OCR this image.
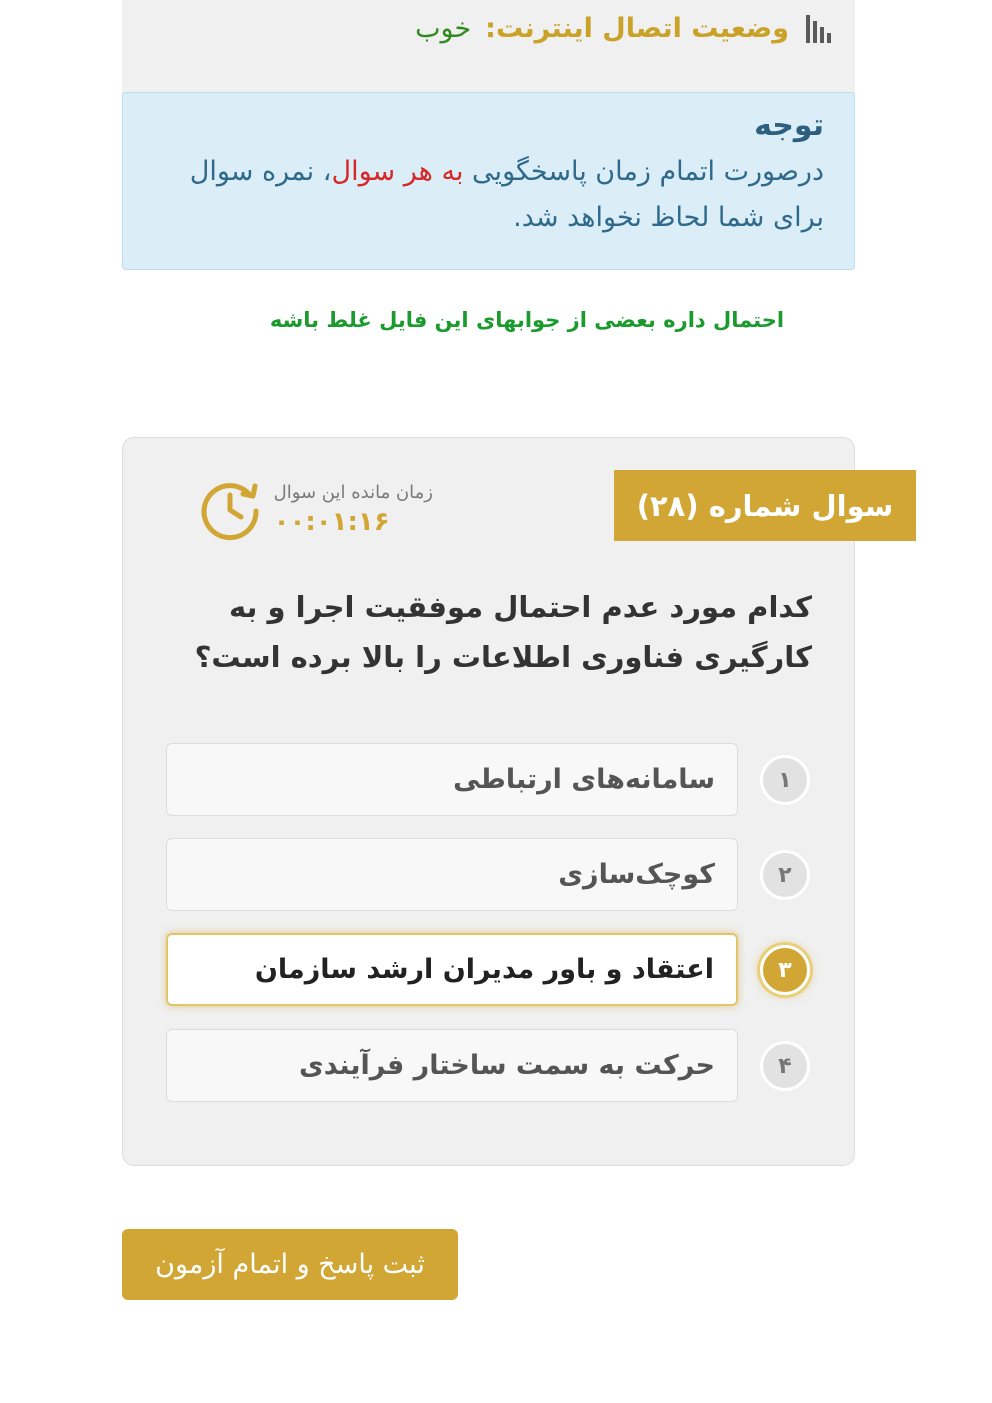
وضعیت اتصال اینترنت:
خوب
توجه
درصورت اتمام زمان پاسخگویی به هر سوال، نمره سوال برای شما لحاظ نخواهد شد.
احتمال داره بعضی از جوابهای این فایل غلط باشه
سوال شماره (۲۸)
زمان مانده این سوال
۰۰:۰۱:۱۶
کدام مورد عدم احتمال موفقیت اجرا و به کارگیری فناوری اطلاعات را بالا برده است؟
سامانه‌های ارتباطی	۱
کوچک‌سازی	۲
اعتقاد و باور مدیران ارشد سازمان	۳
حرکت به سمت ساختار فرآیندی	۴
ثبت پاسخ و اتمام آزمون
